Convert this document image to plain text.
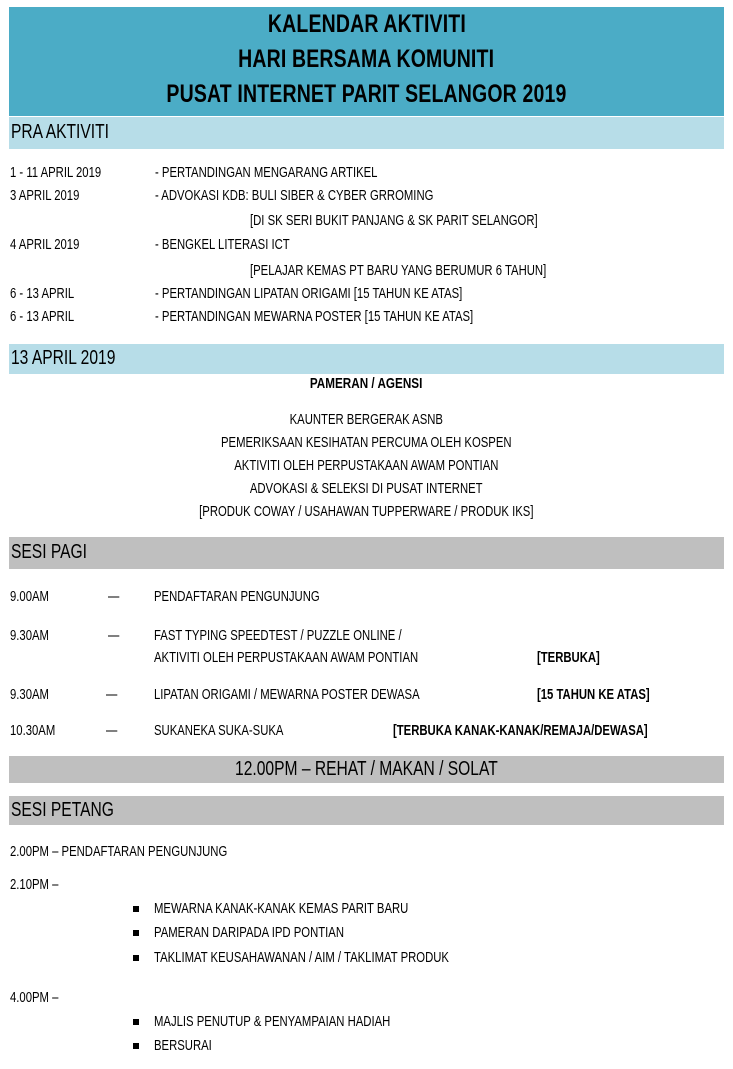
KALENDAR AKTIVITI
HARI BERSAMA KOMUNITI
PUSAT INTERNET PARIT SELANGOR 2019
PRA AKTIVITI
1 - 11 APRIL 2019	- PERTANDINGAN MENGARANG ARTIKEL
3 APRIL 2019	- ADVOKASI KDB: BULI SIBER & CYBER GRROMING
[DI SK SERI BUKIT PANJANG & SK PARIT SELANGOR]
4 APRIL 2019	- BENGKEL LITERASI ICT
[PELAJAR KEMAS PT BARU YANG BERUMUR 6 TAHUN]
6 - 13 APRIL	- PERTANDINGAN LIPATAN ORIGAMI [15 TAHUN KE ATAS]
6 - 13 APRIL	- PERTANDINGAN MEWARNA POSTER [15 TAHUN KE ATAS]
13 APRIL 2019
PAMERAN / AGENSI
KAUNTER BERGERAK ASNB
PEMERIKSAAN KESIHATAN PERCUMA OLEH KOSPEN
AKTIVITI OLEH PERPUSTAKAAN AWAM PONTIAN
ADVOKASI & SELEKSI DI PUSAT INTERNET
[PRODUK COWAY / USAHAWAN TUPPERWARE / PRODUK IKS]
SESI PAGI
9.00AM	— PENDAFTARAN PENGUNJUNG
9.30AM	— FAST TYPING SPEEDTEST / PUZZLE ONLINE /
AKTIVITI OLEH PERPUSTAKAAN AWAM PONTIAN	[TERBUKA]
9.30AM	—	LIPATAN ORIGAMI / MEWARNA POSTER DEWASA	[15 TAHUN KE ATAS]
10.30AM	—	SUKANEKA SUKA-SUKA	[TERBUKA KANAK-KANAK/REMAJA/DEWASA]
12.00PM – REHAT / MAKAN / SOLAT
SESI PETANG
2.00PM – PENDAFTARAN PENGUNJUNG
2.10PM –
MEWARNA KANAK-KANAK KEMAS PARIT BARU
PAMERAN DARIPADA IPD PONTIAN
TAKLIMAT KEUSAHAWANAN / AIM / TAKLIMAT PRODUK
4.00PM –
MAJLIS PENUTUP & PENYAMPAIAN HADIAH
BERSURAI
